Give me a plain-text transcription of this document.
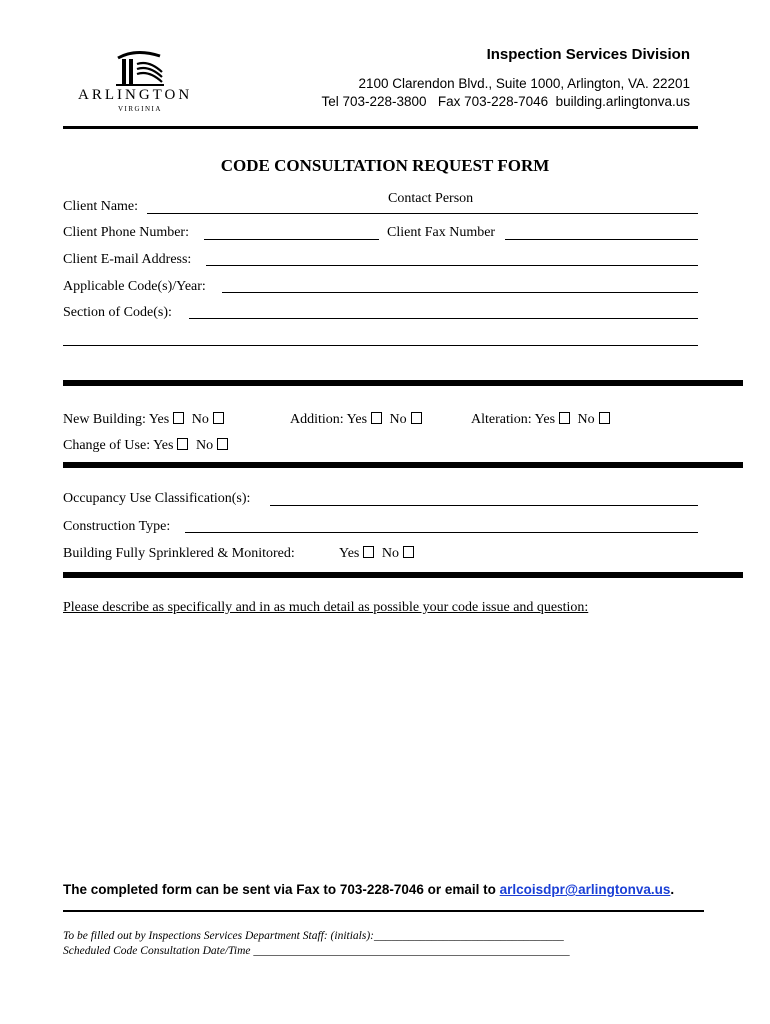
ARLINGTON
VIRGINIA
Inspection Services Division
2100 Clarendon Blvd., Suite 1000, Arlington, VA. 22201
Tel 703-228-3800   Fax 703-228-7046  building.arlingtonva.us
CODE CONSULTATION REQUEST FORM
Contact Person
Client Name:
Client Phone Number:	Client Fax Number
Client E-mail Address:
Applicable Code(s)/Year:
Section of Code(s):
New Building: Yes No	Addition: Yes No	Alteration: Yes No
Change of Use: Yes No
Occupancy Use Classification(s):
Construction Type:
Building Fully Sprinklered & Monitored:	Yes No
Please describe as specifically and in as much detail as possible your code issue and question:
The completed form can be sent via Fax to 703-228-7046 or email to arlcoisdpr@arlingtonva.us.
To be filled out by Inspections Services Department Staff: (initials):_________________________________
Scheduled Code Consultation Date/Time _______________________________________________________
